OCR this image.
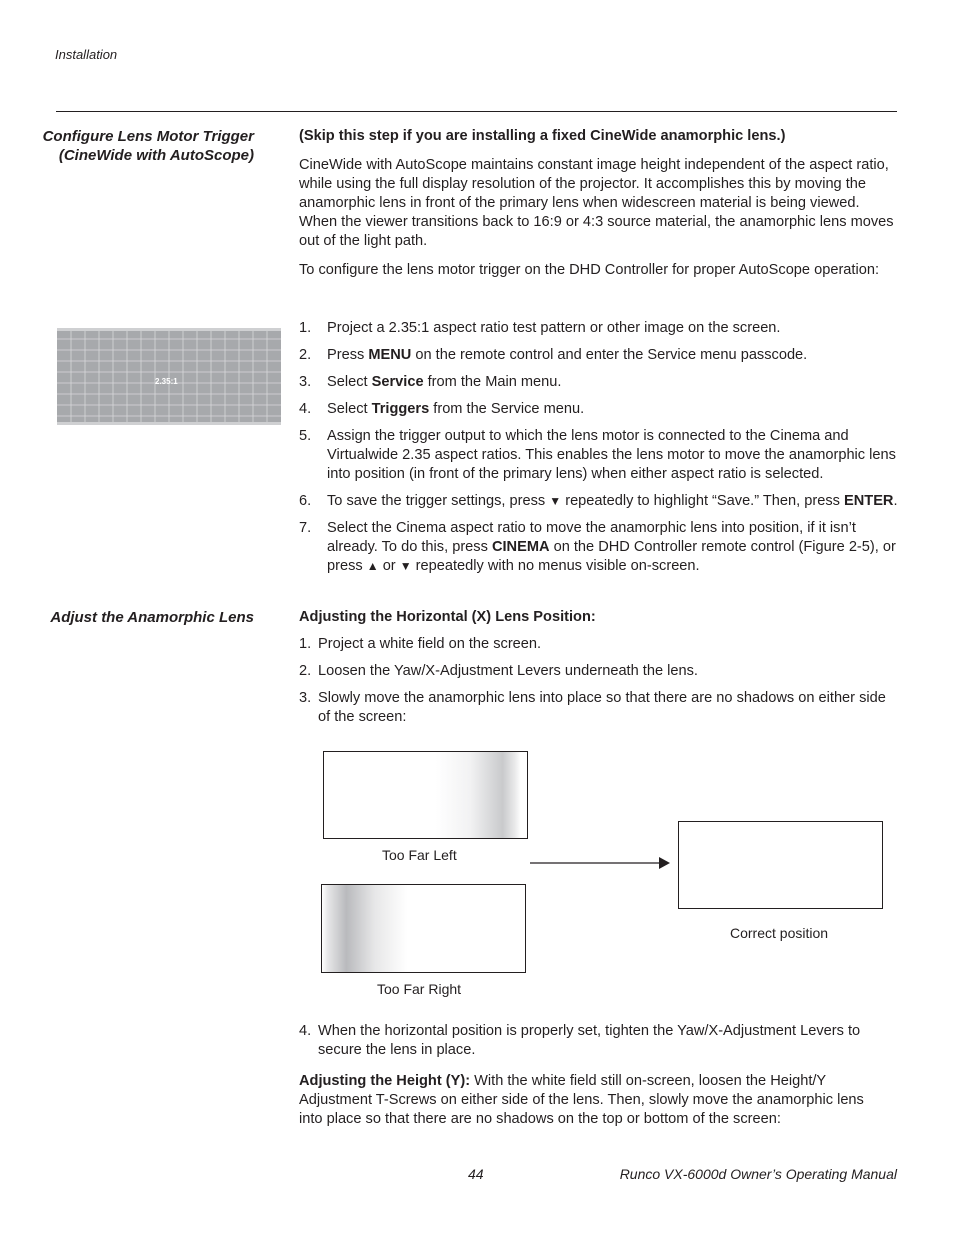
Installation
Configure Lens Motor Trigger (CineWide with AutoScope)
(Skip this step if you are installing a fixed CineWide anamorphic lens.)
CineWide with AutoScope maintains constant image height independent of the aspect ratio, while using the full display resolution of the projector. It accomplishes this by moving the anamorphic lens in front of the primary lens when widescreen material is being viewed. When the viewer transitions back to 16:9 or 4:3 source material, the anamorphic lens moves out of the light path.
To configure the lens motor trigger on the DHD Controller for proper AutoScope operation:
2.35:1
1. Project a 2.35:1 aspect ratio test pattern or other image on the screen.
2. Press MENU on the remote control and enter the Service menu passcode.
3. Select Service from the Main menu.
4. Select Triggers from the Service menu.
5. Assign the trigger output to which the lens motor is connected to the Cinema and Virtualwide 2.35 aspect ratios. This enables the lens motor to move the anamorphic lens into position (in front of the primary lens) when either aspect ratio is selected.
6. To save the trigger settings, press ▼ repeatedly to highlight “Save.” Then, press ENTER.
7. Select the Cinema aspect ratio to move the anamorphic lens into position, if it isn’t already. To do this, press CINEMA on the DHD Controller remote control (Figure 2-5), or press ▲ or ▼ repeatedly with no menus visible on-screen.
Adjust the Anamorphic Lens	Adjusting the Horizontal (X) Lens Position:
1. Project a white field on the screen.
2. Loosen the Yaw/X-Adjustment Levers underneath the lens.
3. Slowly move the anamorphic lens into place so that there are no shadows on either side of the screen:
Too Far Left
Too Far Right
Correct position
4. When the horizontal position is properly set, tighten the Yaw/X-Adjustment Levers to secure the lens in place.
Adjusting the Height (Y): With the white field still on-screen, loosen the Height/Y Adjustment T-Screws on either side of the lens. Then, slowly move the anamorphic lens into place so that there are no shadows on the top or bottom of the screen:
44	Runco VX-6000d Owner’s Operating Manual
